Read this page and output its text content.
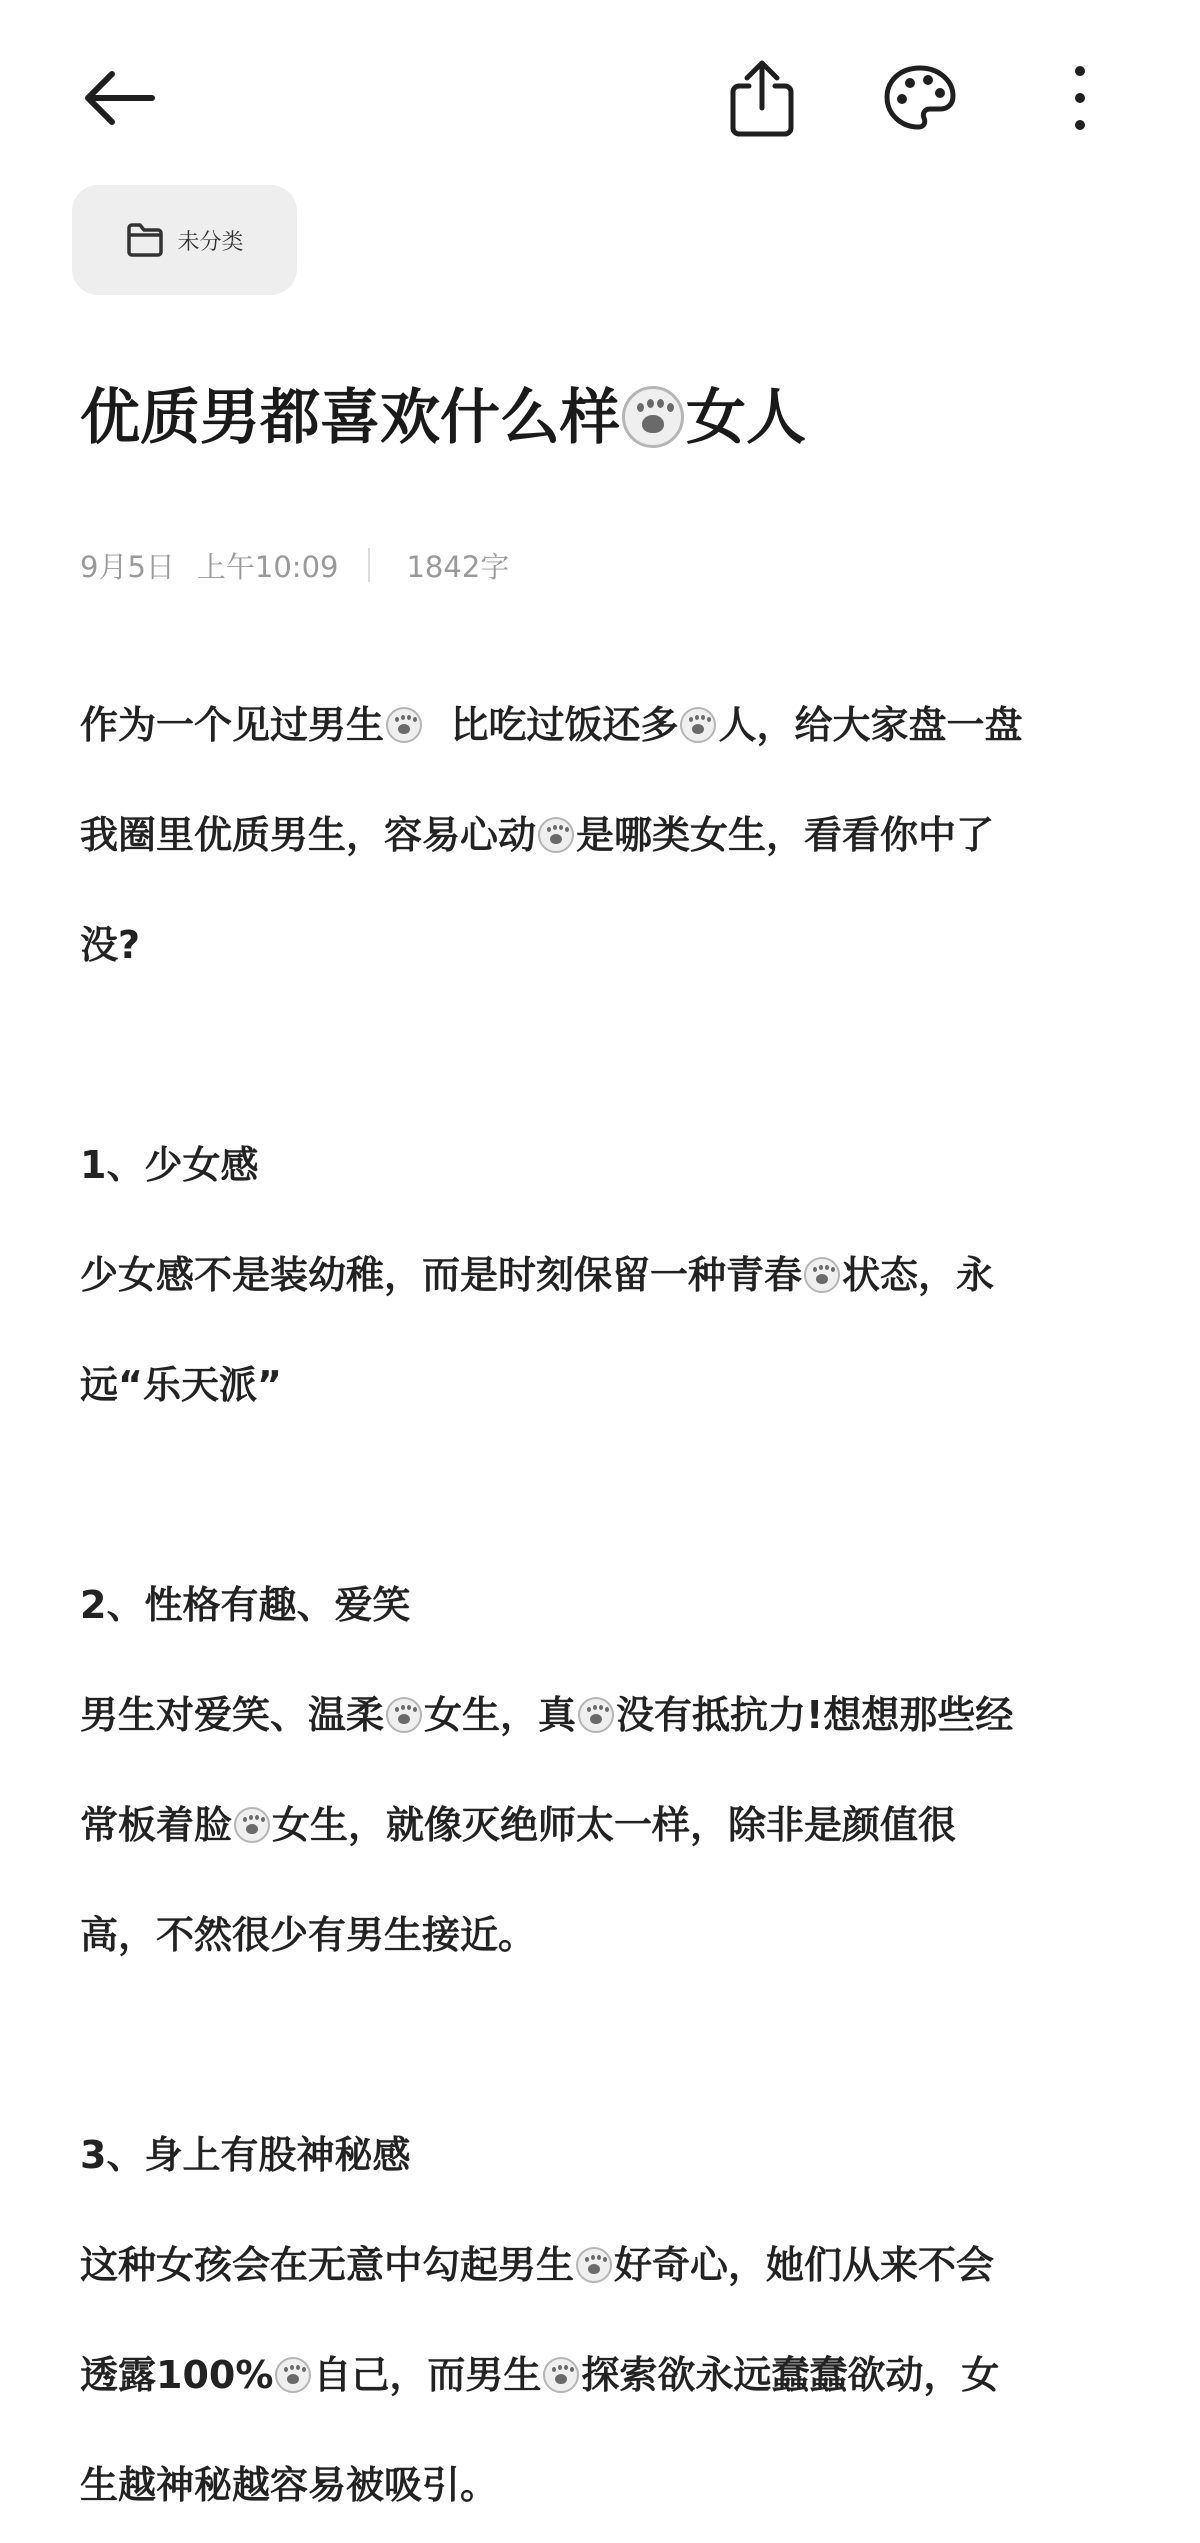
未分类
优质男都喜欢什么样 女人
9月5日 上午10:09 1842字
作为一个见过男生  比吃过饭还多 人，给大家盘一盘
我圈里优质男生，容易心动 是哪类女生，看看你中了
没?
1、少女感
少女感不是装幼稚，而是时刻保留一种青春 状态，永
远“乐天派”
2、性格有趣、爱笑
男生对爱笑、温柔 女生，真 没有抵抗力!想想那些经
常板着脸 女生，就像灭绝师太一样，除非是颜值很
高，不然很少有男生接近。
3、身上有股神秘感
这种女孩会在无意中勾起男生 好奇心，她们从来不会
透露100% 自己，而男生 探索欲永远蠢蠢欲动，女
生越神秘越容易被吸引。
